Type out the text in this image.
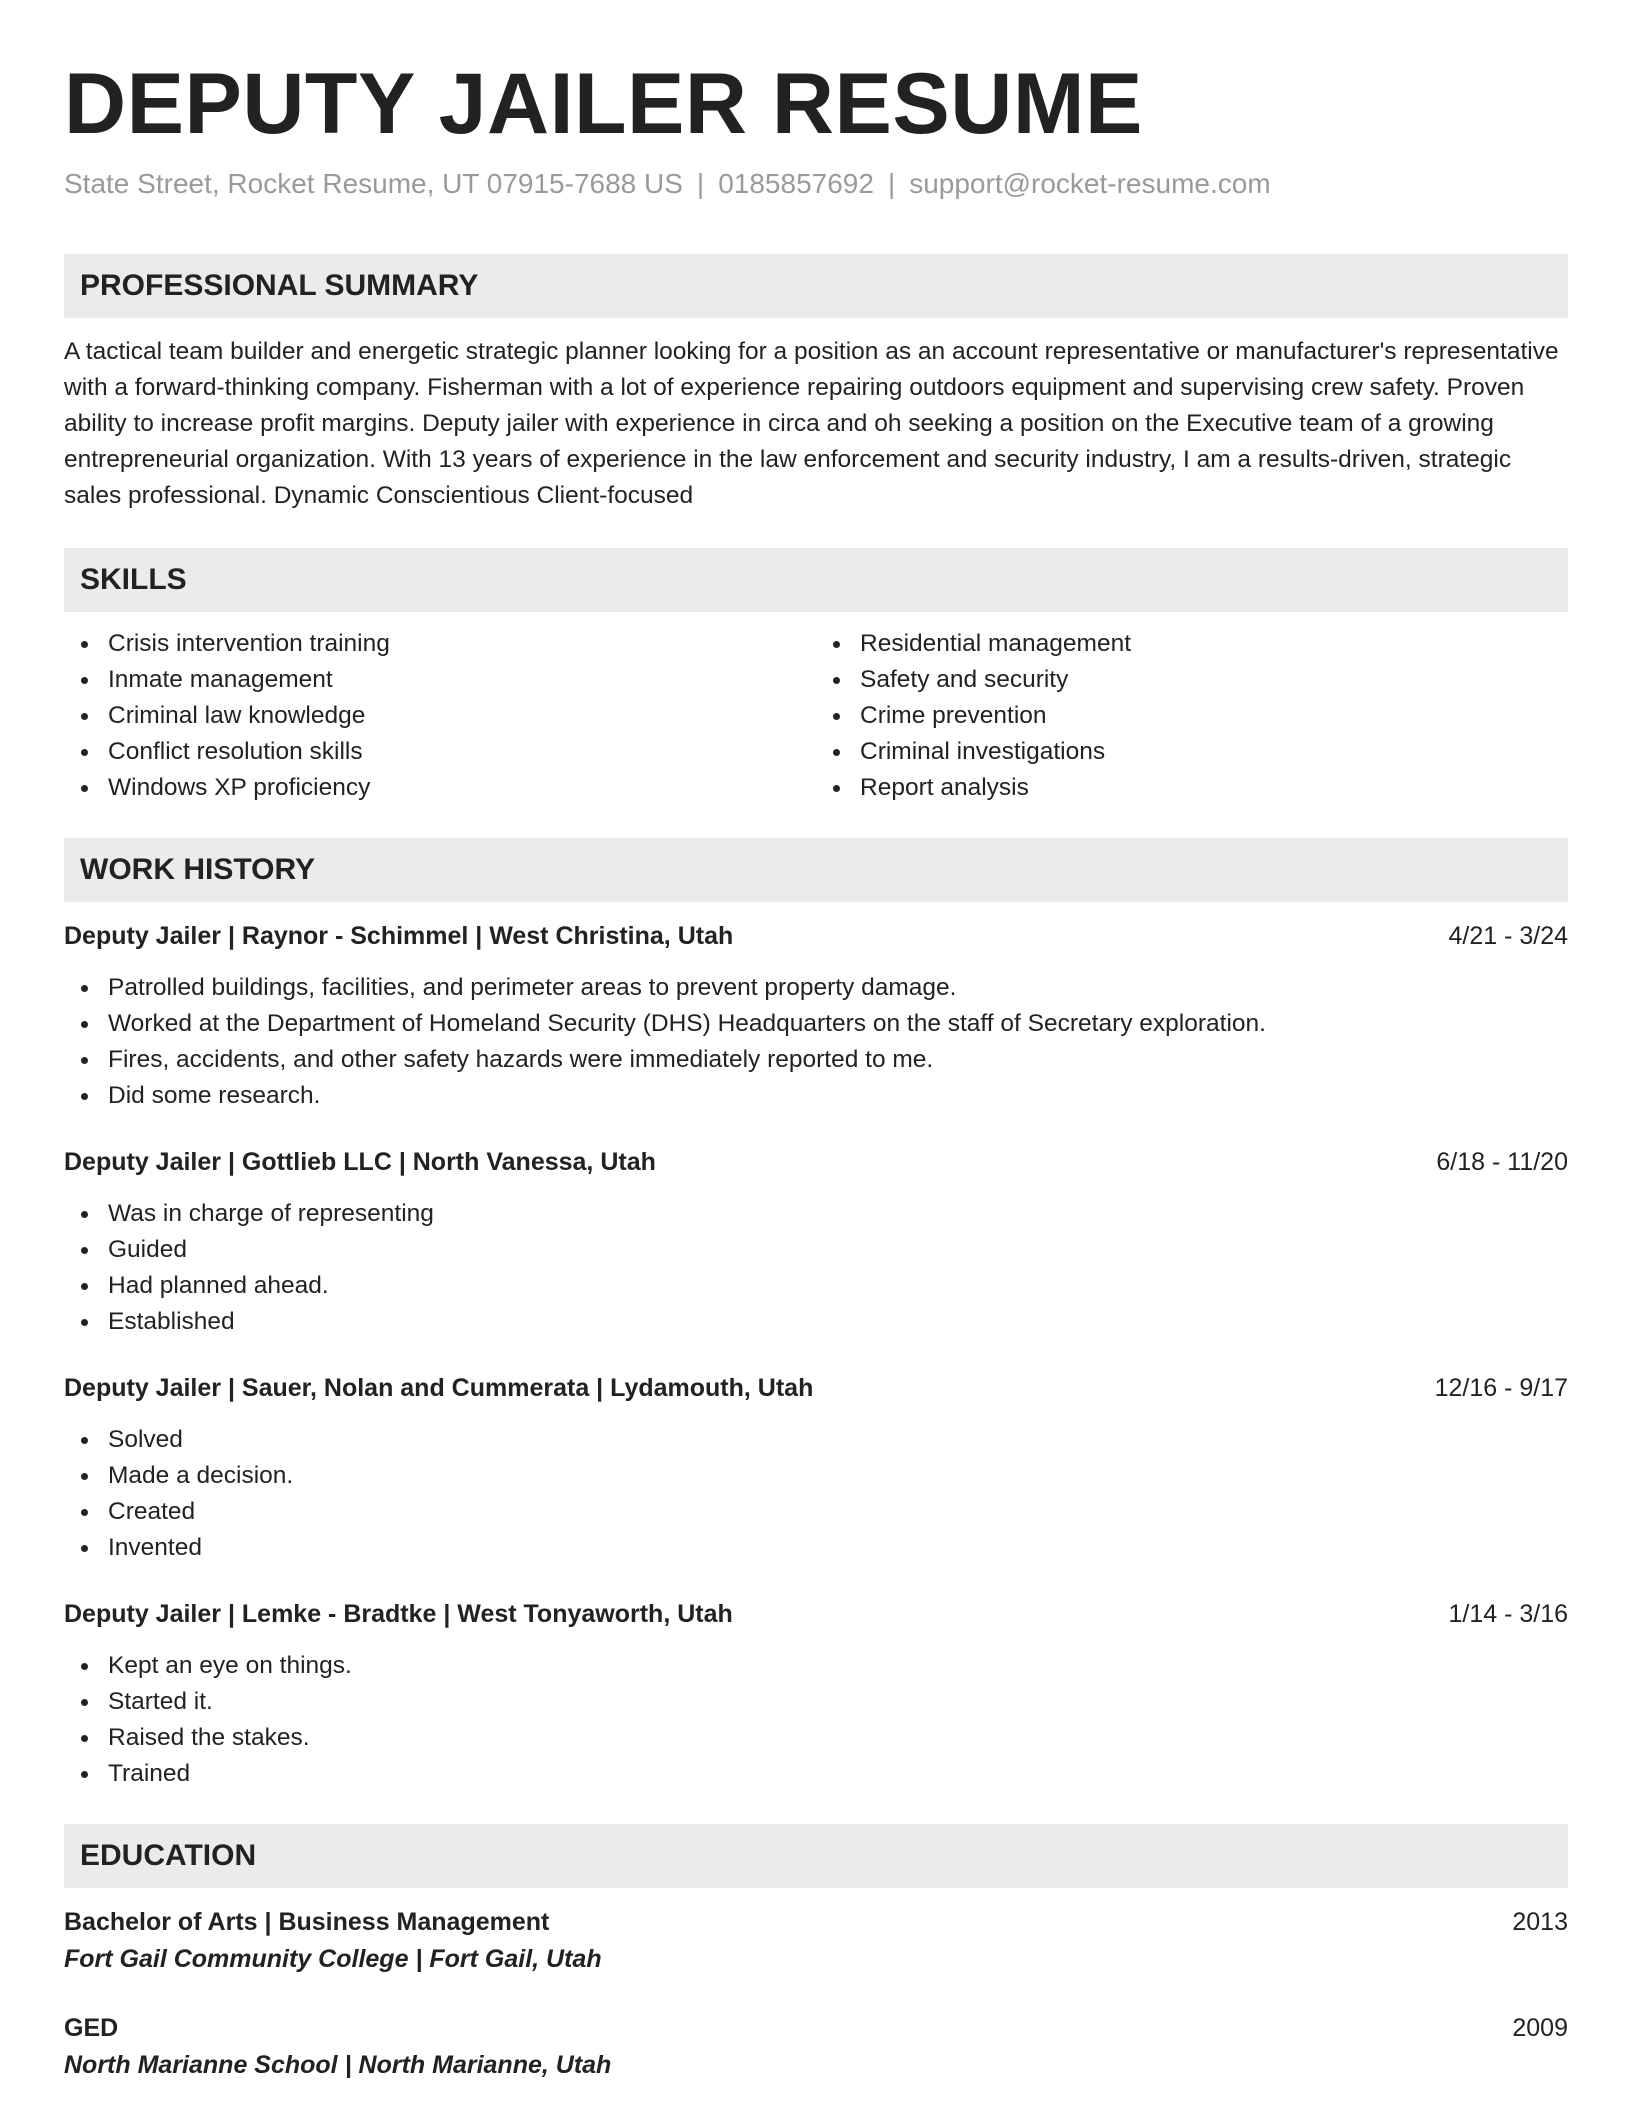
DEPUTY JAILER RESUME
State Street, Rocket Resume, UT 07915-7688 US | 0185857692 | support@rocket-resume.com
PROFESSIONAL SUMMARY

A tactical team builder and energetic strategic planner looking for a position as an account representative or manufacturer's representative with a forward-thinking company. Fisherman with a lot of experience repairing outdoors equipment and supervising crew safety. Proven ability to increase profit margins. Deputy jailer with experience in circa and oh seeking a position on the Executive team of a growing entrepreneurial organization. With 13 years of experience in the law enforcement and security industry, I am a results-driven, strategic sales professional. Dynamic Conscientious Client-focused

SKILLS
Crisis intervention training
Inmate management
Criminal law knowledge
Conflict resolution skills
Windows XP proficiency
Residential management
Safety and security
Crime prevention
Criminal investigations
Report analysis
WORK HISTORY
Deputy Jailer | Raynor - Schimmel | West Christina, Utah	4/21 - 3/24
Patrolled buildings, facilities, and perimeter areas to prevent property damage.
Worked at the Department of Homeland Security (DHS) Headquarters on the staff of Secretary exploration.
Fires, accidents, and other safety hazards were immediately reported to me.
Did some research.
Deputy Jailer | Gottlieb LLC | North Vanessa, Utah	6/18 - 11/20
Was in charge of representing
Guided
Had planned ahead.
Established
Deputy Jailer | Sauer, Nolan and Cummerata | Lydamouth, Utah	12/16 - 9/17
Solved
Made a decision.
Created
Invented
Deputy Jailer | Lemke - Bradtke | West Tonyaworth, Utah	1/14 - 3/16
Kept an eye on things.
Started it.
Raised the stakes.
Trained
EDUCATION
Bachelor of Arts | Business Management	2013
Fort Gail Community College | Fort Gail, Utah
GED	2009
North Marianne School | North Marianne, Utah
